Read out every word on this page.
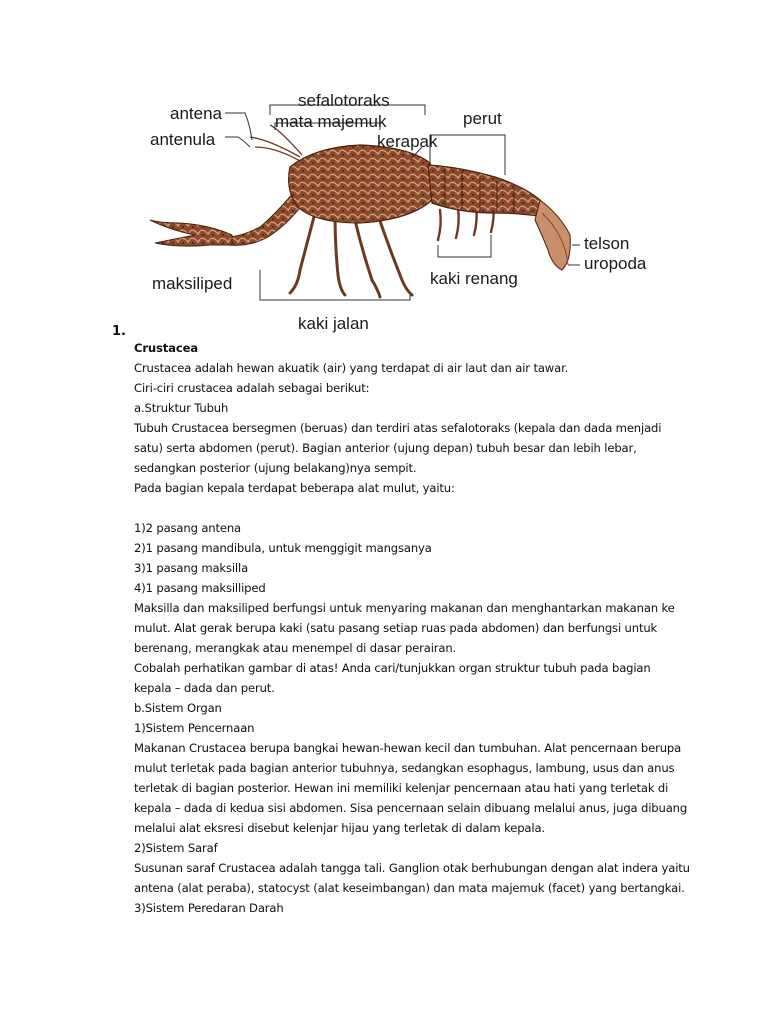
antena
antenula
sefalotoraks
mata majemuk
kerapak
perut
telson
uropoda
maksiliped	kaki renang
kaki jalan
1.
Crustacea
Crustacea adalah hewan akuatik (air) yang terdapat di air laut dan air tawar.
Ciri-ciri crustacea adalah sebagai berikut:
a.Struktur Tubuh
Tubuh Crustacea bersegmen (beruas) dan terdiri atas sefalotoraks (kepala dan dada menjadi
satu) serta abdomen (perut). Bagian anterior (ujung depan) tubuh besar dan lebih lebar,
sedangkan posterior (ujung belakang)nya sempit.
Pada bagian kepala terdapat beberapa alat mulut, yaitu:
1)2 pasang antena
2)1 pasang mandibula, untuk menggigit mangsanya
3)1 pasang maksilla
4)1 pasang maksilliped
Maksilla dan maksiliped berfungsi untuk menyaring makanan dan menghantarkan makanan ke
mulut. Alat gerak berupa kaki (satu pasang setiap ruas pada abdomen) dan berfungsi untuk
berenang, merangkak atau menempel di dasar perairan.
Cobalah perhatikan gambar di atas! Anda cari/tunjukkan organ struktur tubuh pada bagian
kepala – dada dan perut.
b.Sistem Organ
1)Sistem Pencernaan
Makanan Crustacea berupa bangkai hewan-hewan kecil dan tumbuhan. Alat pencernaan berupa
mulut terletak pada bagian anterior tubuhnya, sedangkan esophagus, lambung, usus dan anus
terletak di bagian posterior. Hewan ini memiliki kelenjar pencernaan atau hati yang terletak di
kepala – dada di kedua sisi abdomen. Sisa pencernaan selain dibuang melalui anus, juga dibuang
melalui alat eksresi disebut kelenjar hijau yang terletak di dalam kepala.
2)Sistem Saraf
Susunan saraf Crustacea adalah tangga tali. Ganglion otak berhubungan dengan alat indera yaitu
antena (alat peraba), statocyst (alat keseimbangan) dan mata majemuk (facet) yang bertangkai.
3)Sistem Peredaran Darah
